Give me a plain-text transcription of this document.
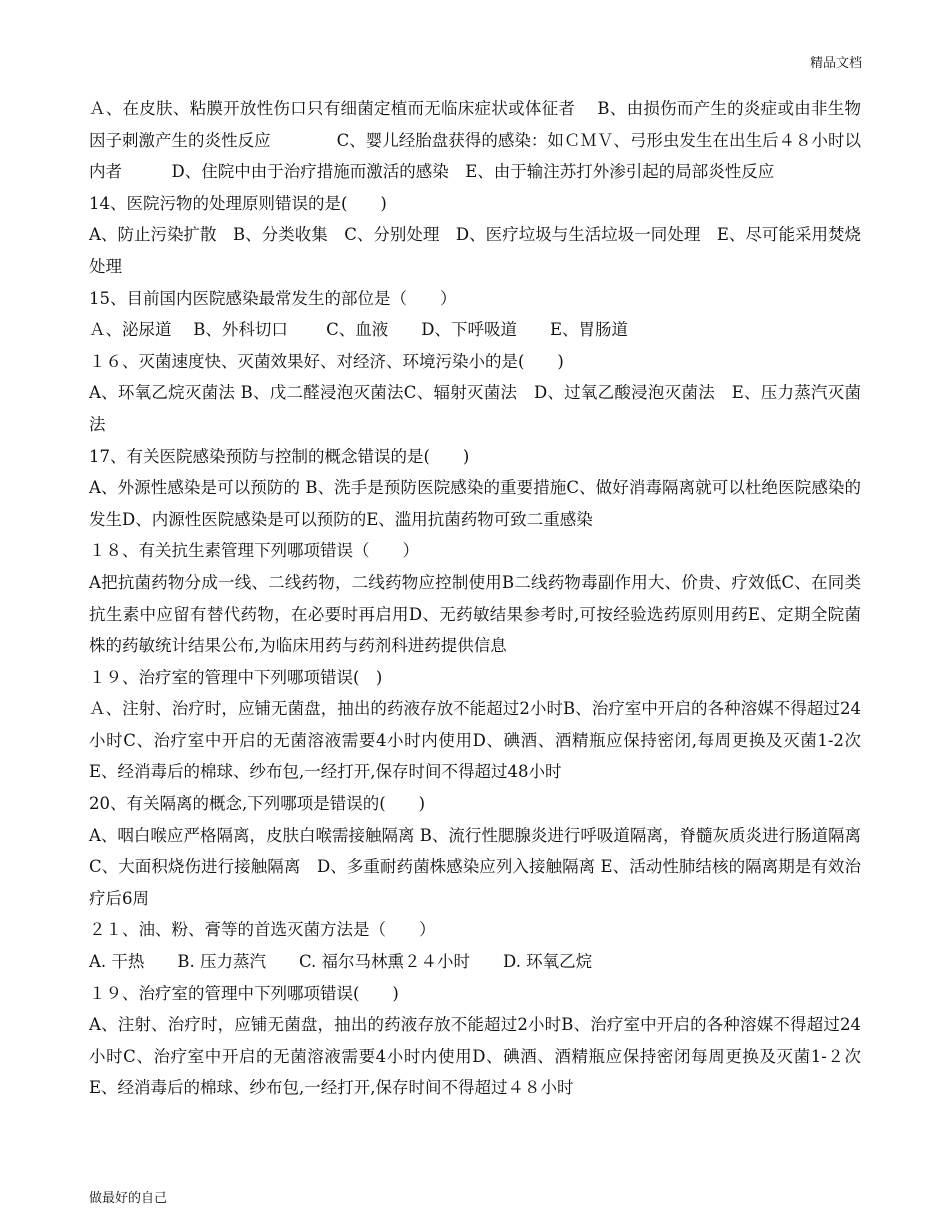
精品文档

Ａ、在皮肤、粘膜开放性伤口只有细菌定植而无临床症状或体征者　 B、由损伤而产生的炎症或由非生物因子刺激产生的炎性反应　　　　C、婴儿经胎盘获得的感染：如ＣＭＶ、弓形虫发生在出生后４８小时以内者　　　D、住院中由于治疗措施而激活的感染　E、由于输注苏打外渗引起的局部炎性反应

14、医院污物的处理原则错误的是(　　)

A、防止污染扩散　B、分类收集　C、分别处理　D、医疗垃圾与生活垃圾一同处理　E、尽可能采用焚烧处理

15、目前国内医院感染最常发生的部位是（　　）

Ａ、泌尿道　 B、外科切口　　 C、血液　　D、下呼吸道　　E、胃肠道

１６、灭菌速度快、灭菌效果好、对经济、环境污染小的是(　　)

A、环氧乙烷灭菌法 B、戊二醛浸泡灭菌法C、辐射灭菌法　D、过氧乙酸浸泡灭菌法　E、压力蒸汽灭菌法

17、有关医院感染预防与控制的概念错误的是(　　)

A、外源性感染是可以预防的 B、洗手是预防医院感染的重要措施C、做好消毒隔离就可以杜绝医院感染的发生D、内源性医院感染是可以预防的E、滥用抗菌药物可致二重感染

１８、有关抗生素管理下列哪项错误（　　）

A把抗菌药物分成一线、二线药物，二线药物应控制使用B二线药物毒副作用大、价贵、疗效低C、在同类抗生素中应留有替代药物，在必要时再启用D、无药敏结果参考时,可按经验选药原则用药E、定期全院菌株的药敏统计结果公布,为临床用药与药剂科进药提供信息

１９、治疗室的管理中下列哪项错误(　)

Ａ、注射、治疗时，应铺无菌盘，抽出的药液存放不能超过2小时B、治疗室中开启的各种溶媒不得超过24小时C、治疗室中开启的无菌溶液需要4小时内使用D、碘酒、酒精瓶应保持密闭,每周更换及灭菌1-2次E、经消毒后的棉球、纱布包,一经打开,保存时间不得超过48小时

20、有关隔离的概念,下列哪项是错误的(　　)

A、咽白喉应严格隔离，皮肤白喉需接触隔离 B、流行性腮腺炎进行呼吸道隔离，脊髓灰质炎进行肠道隔离　C、大面积烧伤进行接触隔离　D、多重耐药菌株感染应列入接触隔离 E、活动性肺结核的隔离期是有效治疗后6周

２１、油、粉、膏等的首选灭菌方法是（　　）

A. 干热　　B. 压力蒸汽　　C. 福尔马林熏２４小时　　D. 环氧乙烷

１９、治疗室的管理中下列哪项错误(　　)

A、注射、治疗时，应铺无菌盘，抽出的药液存放不能超过2小时B、治疗室中开启的各种溶媒不得超过24小时C、治疗室中开启的无菌溶液需要4小时内使用D、碘酒、酒精瓶应保持密闭每周更换及灭菌1-２次E、经消毒后的棉球、纱布包,一经打开,保存时间不得超过４８小时

做最好的自己
